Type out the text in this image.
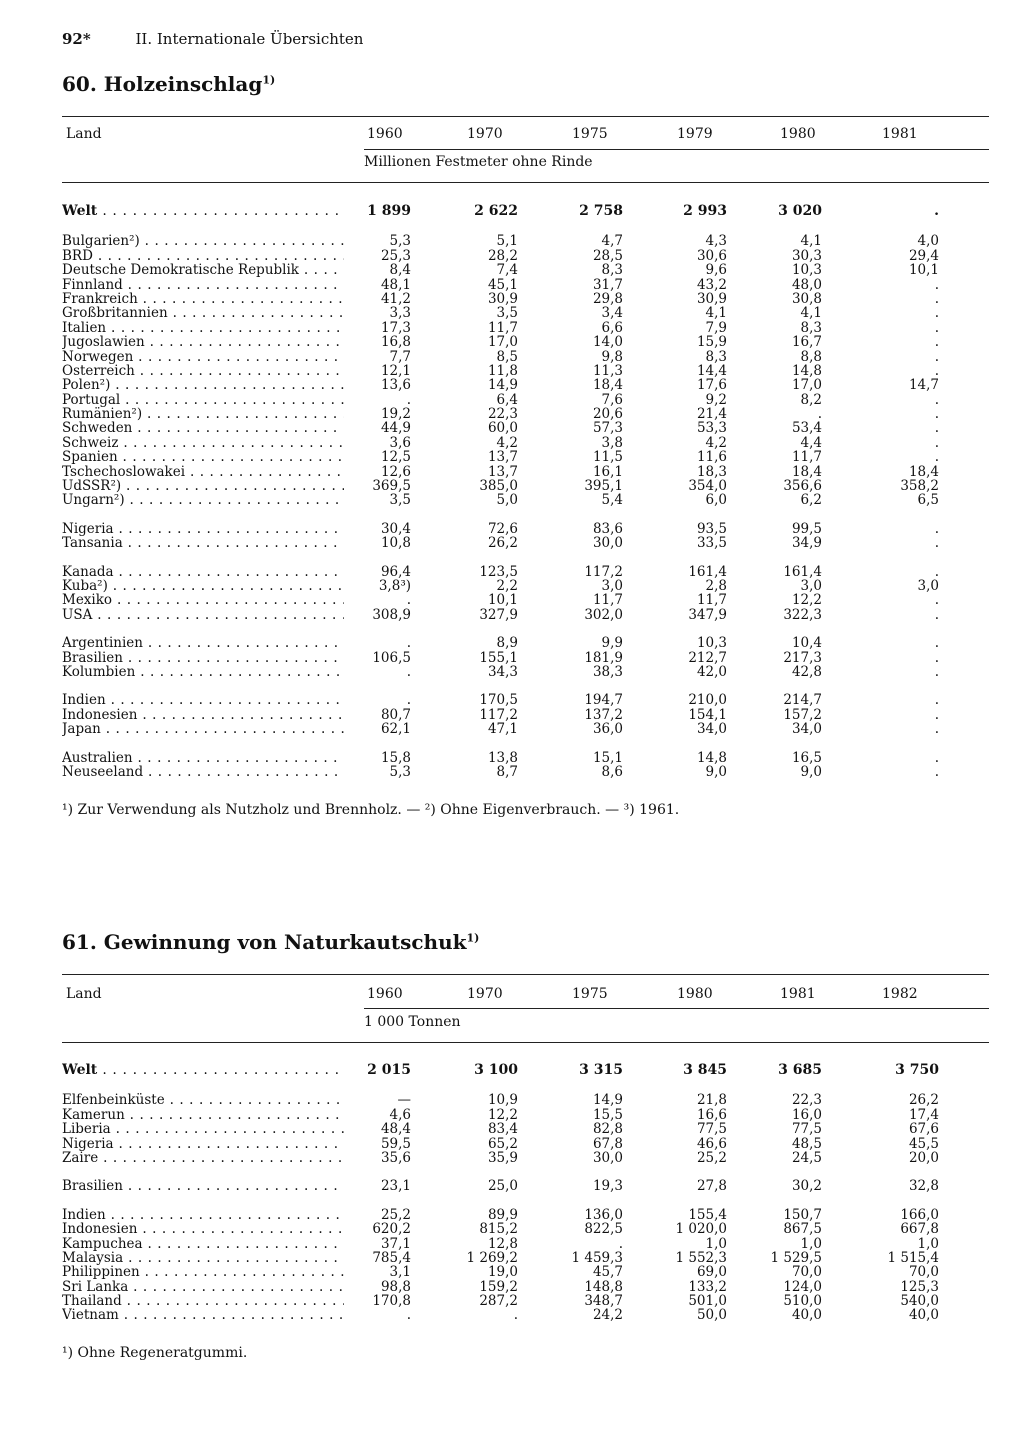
92*	II. Internationale Übersichten
60. Holzeinschlag$^{1)}$
Land	1960	1970	1975	1979	1980	1981
Millionen Festmeter ohne Rinde
Welt . . .	1 899	2 622	2 758	2 993	3 020	.
Bulgarien²) . . .	5,3	5,1	4,7	4,3	4,1	4,0
BRD . . .	25,3	28,2	28,5	30,6	30,3	29,4
Deutsche Demokratische Republik . . .	8,4	7,4	8,3	9,6	10,3	10,1
Finnland . . .	48,1	45,1	31,7	43,2	48,0	.
Frankreich . . .	41,2	30,9	29,8	30,9	30,8	.
Großbritannien . . .	3,3	3,5	3,4	4,1	4,1	.
Italien . . .	17,3	11,7	6,6	7,9	8,3	.
Jugoslawien . . .	16,8	17,0	14,0	15,9	16,7	.
Norwegen . . .	7,7	8,5	9,8	8,3	8,8	.
Österreich . . .	12,1	11,8	11,3	14,4	14,8	.
Polen²) . . .	13,6	14,9	18,4	17,6	17,0	14,7
Portugal . . .	.	6,4	7,6	9,2	8,2	.
Rumänien²) . . .	19,2	22,3	20,6	21,4	.	.
Schweden . . .	44,9	60,0	57,3	53,3	53,4	.
Schweiz . . .	3,6	4,2	3,8	4,2	4,4	.
Spanien . . .	12,5	13,7	11,5	11,6	11,7	.
Tschechoslowakei . . .	12,6	13,7	16,1	18,3	18,4	18,4
UdSSR²) . . .	369,5	385,0	395,1	354,0	356,6	358,2
Ungarn²) . . .	3,5	5,0	5,4	6,0	6,2	6,5
Nigeria . . .	30,4	72,6	83,6	93,5	99,5	.
Tansania . . .	10,8	26,2	30,0	33,5	34,9	.
Kanada . . .	96,4	123,5	117,2	161,4	161,4	.
Kuba²) . . .	3,8³)	2,2	3,0	2,8	3,0	3,0
Mexiko . . .	.	10,1	11,7	11,7	12,2	.
USA . . .	308,9	327,9	302,0	347,9	322,3	.
Argentinien . . .	.	8,9	9,9	10,3	10,4	.
Brasilien . . .	106,5	155,1	181,9	212,7	217,3	.
Kolumbien . . .	.	34,3	38,3	42,0	42,8	.
Indien . . .	.	170,5	194,7	210,0	214,7	.
Indonesien . . .	80,7	117,2	137,2	154,1	157,2	.
Japan . . .	62,1	47,1	36,0	34,0	34,0	.
Australien . . .	15,8	13,8	15,1	14,8	16,5	.
Neuseeland . . .	5,3	8,7	8,6	9,0	9,0	.
¹) Zur Verwendung als Nutzholz und Brennholz. — ²) Ohne Eigenverbrauch. — ³) 1961.
61. Gewinnung von Naturkautschuk$^{1)}$
Land	1960	1970	1975	1980	1981	1982
1 000 Tonnen
Welt . . .	2 015	3 100	3 315	3 845	3 685	3 750
Elfenbeinküste . . .	—	10,9	14,9	21,8	22,3	26,2
Kamerun . . .	4,6	12,2	15,5	16,6	16,0	17,4
Liberia . . .	48,4	83,4	82,8	77,5	77,5	67,6
Nigeria . . .	59,5	65,2	67,8	46,6	48,5	45,5
Zaire . . .	35,6	35,9	30,0	25,2	24,5	20,0
Brasilien . . .	23,1	25,0	19,3	27,8	30,2	32,8
Indien . . .	25,2	89,9	136,0	155,4	150,7	166,0
Indonesien . . .	620,2	815,2	822,5	1 020,0	867,5	667,8
Kampuchea . . .	37,1	12,8	.	1,0	1,0	1,0
Malaysia . . .	785,4	1 269,2	1 459,3	1 552,3	1 529,5	1 515,4
Philippinen . . .	3,1	19,0	45,7	69,0	70,0	70,0
Sri Lanka . . .	98,8	159,2	148,8	133,2	124,0	125,3
Thailand . . .	170,8	287,2	348,7	501,0	510,0	540,0
Vietnam . . .	.	.	24,2	50,0	40,0	40,0
¹) Ohne Regeneratgummi.
